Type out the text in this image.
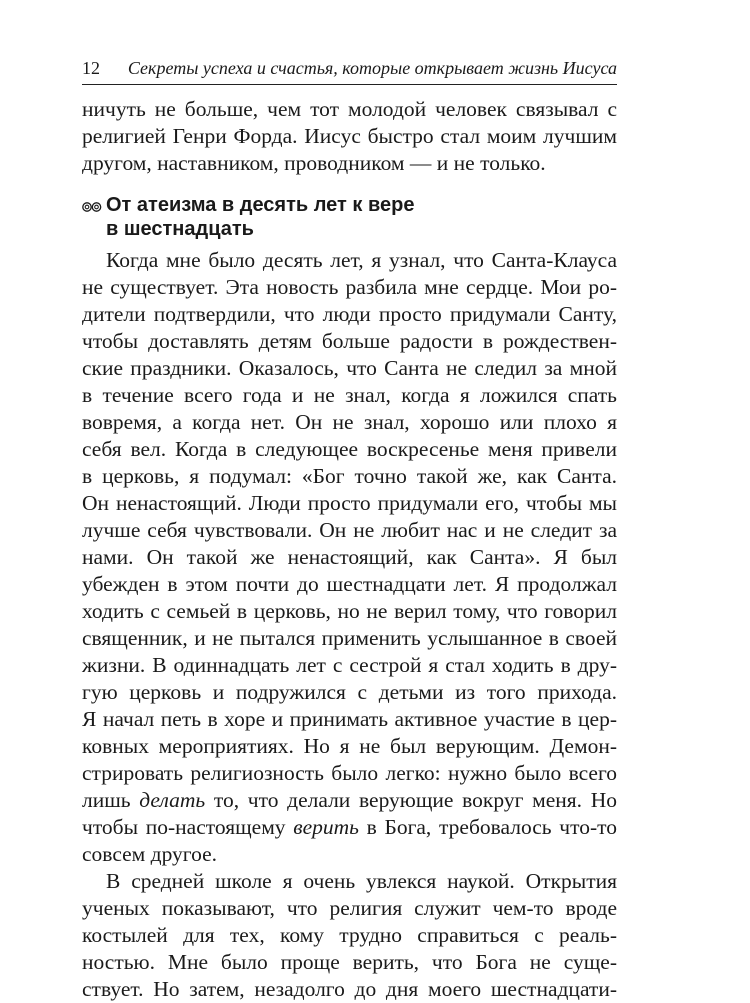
12 Секреты успеха и счастья, которые открывает жизнь Иисуса
ничуть не больше, чем тот молодой человек связывал с
религией Генри Форда. Иисус быстро стал моим лучшим
другом, наставником, проводником — и не только.
От атеизма в десять лет к вере
в шестнадцать
Когда мне было десять лет, я узнал, что Санта-Клауса
не существует. Эта новость разбила мне сердце. Мои ро-
дители подтвердили, что люди просто придумали Санту,
чтобы доставлять детям больше радости в рождествен-
ские праздники. Оказалось, что Санта не следил за мной
в течение всего года и не знал, когда я ложился спать
вовремя, а когда нет. Он не знал, хорошо или плохо я
себя вел. Когда в следующее воскресенье меня привели
в церковь, я подумал: «Бог точно такой же, как Санта.
Он ненастоящий. Люди просто придумали его, чтобы мы
лучше себя чувствовали. Он не любит нас и не следит за
нами. Он такой же ненастоящий, как Санта». Я был
убежден в этом почти до шестнадцати лет. Я продолжал
ходить с семьей в церковь, но не верил тому, что говорил
священник, и не пытался применить услышанное в своей
жизни. В одиннадцать лет с сестрой я стал ходить в дру-
гую церковь и подружился с детьми из того прихода.
Я начал петь в хоре и принимать активное участие в цер-
ковных мероприятиях. Но я не был верующим. Демон-
стрировать религиозность было легко: нужно было всего
лишь делать то, что делали верующие вокруг меня. Но
чтобы по-настоящему верить в Бога, требовалось что-то
совсем другое.
В средней школе я очень увлекся наукой. Открытия
ученых показывают, что религия служит чем-то вроде
костылей для тех, кому трудно справиться с реаль-
ностью. Мне было проще верить, что Бога не суще-
ствует. Но затем, незадолго до дня моего шестнадцати-
